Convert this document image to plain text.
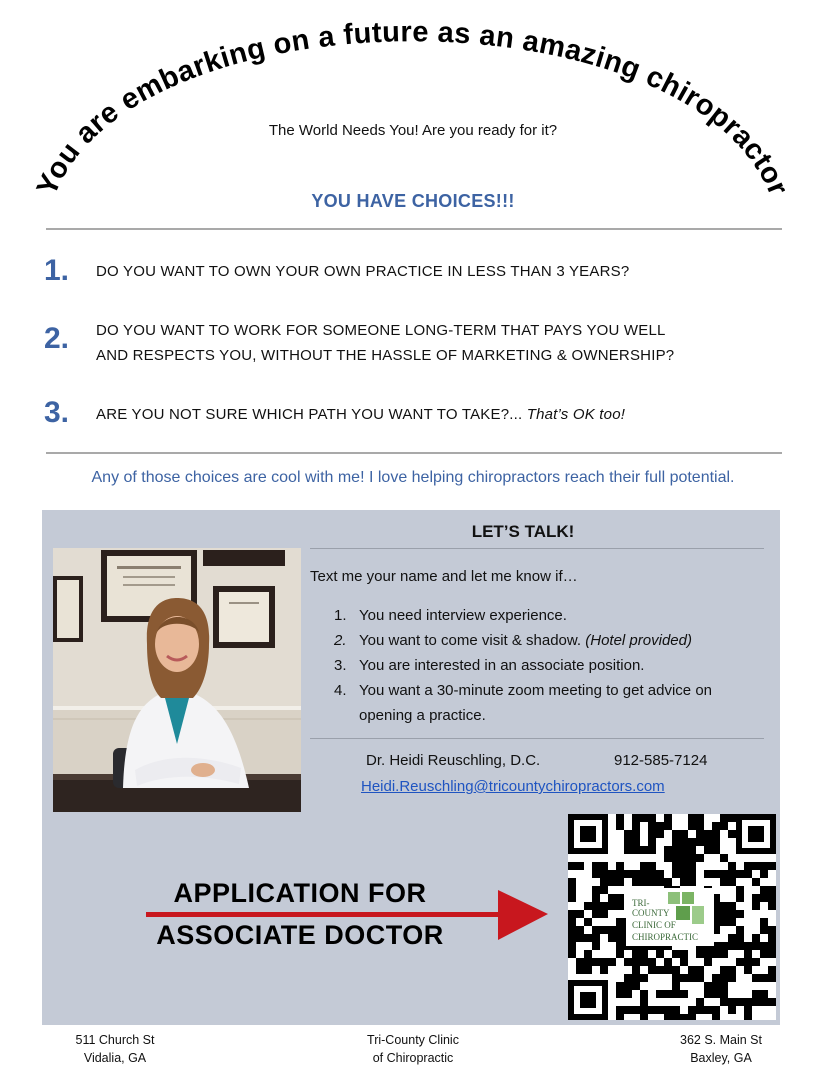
You are embarking on a future as an amazing chiropractor
The World Needs You! Are you ready for it?
YOU HAVE CHOICES!!!
1. DO YOU WANT TO OWN YOUR OWN PRACTICE IN LESS THAN 3 YEARS?
2. DO YOU WANT TO WORK FOR SOMEONE LONG-TERM THAT PAYS YOU WELL
AND RESPECTS YOU, WITHOUT THE HASSLE OF MARKETING & OWNERSHIP?
3. ARE YOU NOT SURE WHICH PATH YOU WANT TO TAKE?... That’s OK too!
Any of those choices are cool with me! I love helping chiropractors reach their full potential.
LET’S TALK!
Text me your name and let me know if…
1. You need interview experience.
2. You want to come visit & shadow. (Hotel provided)
3. You are interested in an associate position.
4. You want a 30-minute zoom meeting to get advice on opening a practice.
Dr. Heidi Reuschling, D.C.	912-585-7124
Heidi.Reuschling@tricountychiropractors.com
APPLICATION FOR
ASSOCIATE DOCTOR
TRI-
COUNTY
CLINIC OF
CHIROPRACTIC
511 Church St
Vidalia, GA
Tri-County Clinic
of Chiropractic
362 S. Main St
Baxley, GA
